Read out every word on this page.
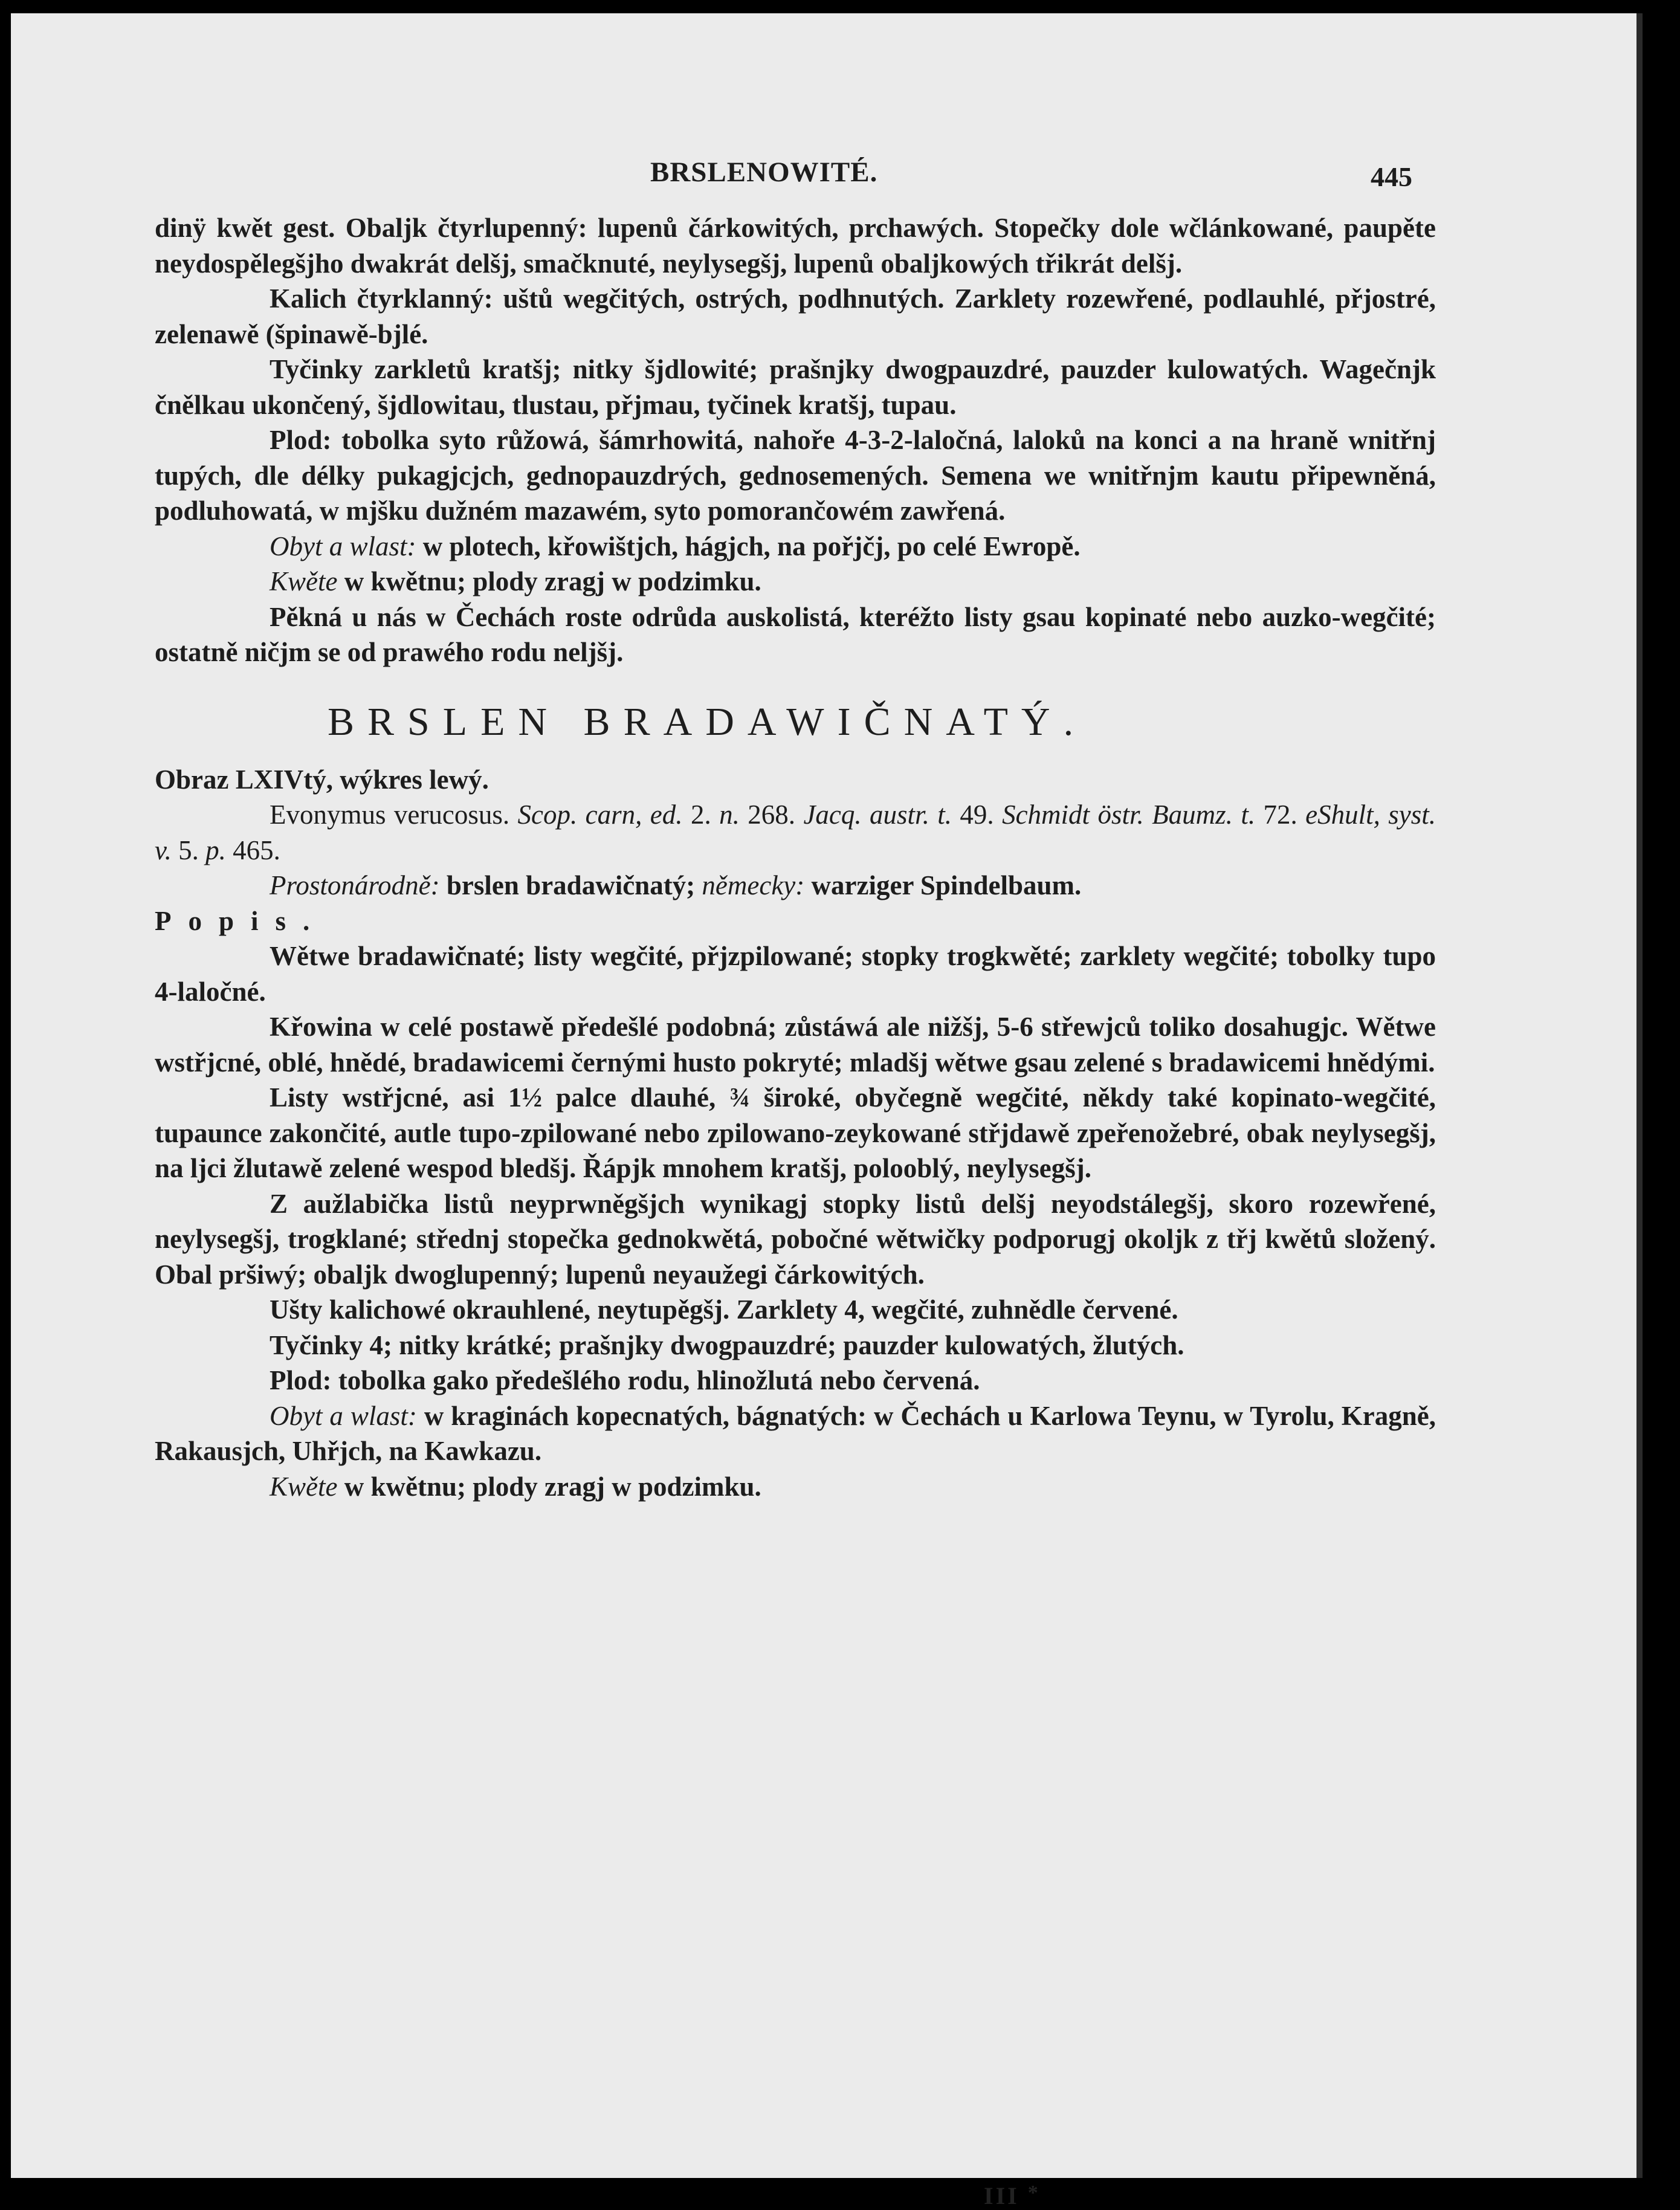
BRSLENOWITÉ.	445

dinÿ kwět gest. Obaljk čtyrlupenný: lupenů čárkowitých, prchawých. Stopečky dole wčlánkowané, paupěte neydospělegšjho dwakrát delšj, smačknuté, neylysegšj, lupenů obaljkowých třikrát delšj.

Kalich čtyrklanný: uštů wegčitých, ostrých, podhnutých. Zarklety rozewřené, podlauhlé, přjostré, zelenawě (špinawě-bjlé.

Tyčinky zarkletů kratšj; nitky šjdlowité; prašnjky dwogpauzdré, pauzder kulowatých. Wagečnjk čnělkau ukončený, šjdlowitau, tlustau, přjmau, tyčinek kratšj, tupau.

Plod: tobolka syto růžowá, šámrhowitá, nahoře 4-3-2-laločná, laloků na konci a na hraně wnitřnj tupých, dle délky pukagjcjch, gednopauzdrých, gednosemených. Semena we wnitřnjm kautu připewněná, podluhowatá, w mjšku dužném mazawém, syto pomorančowém zawřená.

Obyt a wlast: w plotech, křowištjch, hágjch, na pořjčj, po celé Ewropě.

Kwěte w kwětnu; plody zragj w podzimku.

Pěkná u nás w Čechách roste odrůda auskolistá, kteréžto listy gsau kopinaté nebo auzko-wegčité; ostatně ničjm se od prawého rodu neljšj.

BRSLEN BRADAWIČNATÝ.

Obraz LXIVtý, wýkres lewý.

Evonymus verucosus. Scop. carn, ed. 2. n. 268. Jacq. austr. t. 49. Schmidt östr. Baumz. t. 72. eShult, syst. v. 5. p. 465.

Prostonárodně: brslen bradawičnatý; německy: warziger Spindelbaum.

Popis.

Wětwe bradawičnaté; listy wegčité, přjzpilowané; stopky trogkwěté; zarklety wegčité; tobolky tupo 4-laločné.

Křowina w celé postawě předešlé podobná; zůstáwá ale nižšj, 5-6 střewjců toliko dosahugjc. Wětwe wstřjcné, oblé, hnědé, bradawicemi černými husto pokryté; mladšj wětwe gsau zelené s bradawicemi hnědými.

Listy wstřjcné, asi 1½ palce dlauhé, ¾ široké, obyčegně wegčité, někdy také kopinato-wegčité, tupaunce zakončité, autle tupo-zpilowané nebo zpilowano-zeykowané střjdawě zpeřenožebré, obak neylysegšj, na ljci žlutawě zelené wespod bledšj. Řápjk mnohem kratšj, polooblý, neylysegšj.

Z aužlabička listů neyprwněgšjch wynikagj stopky listů delšj neyodstálegšj, skoro rozewřené, neylysegšj, trogklané; střednj stopečka gednokwětá, pobočné wětwičky podporugj okoljk z třj kwětů složený. Obal pršiwý; obaljk dwoglupenný; lupenů neyaužegi čárkowitých.

Ušty kalichowé okrauhlené, neytupěgšj. Zarklety 4, wegčité, zuhnědle červené.

Tyčinky 4; nitky krátké; prašnjky dwogpauzdré; pauzder kulowatých, žlutých.

Plod: tobolka gako předešlého rodu, hlinožlutá nebo červená.

Obyt a wlast: w kraginách kopecnatých, bágnatých: w Čechách u Karlowa Teynu, w Tyrolu, Kragně, Rakausjch, Uhřjch, na Kawkazu.

Kwěte w kwětnu; plody zragj w podzimku.

III *
